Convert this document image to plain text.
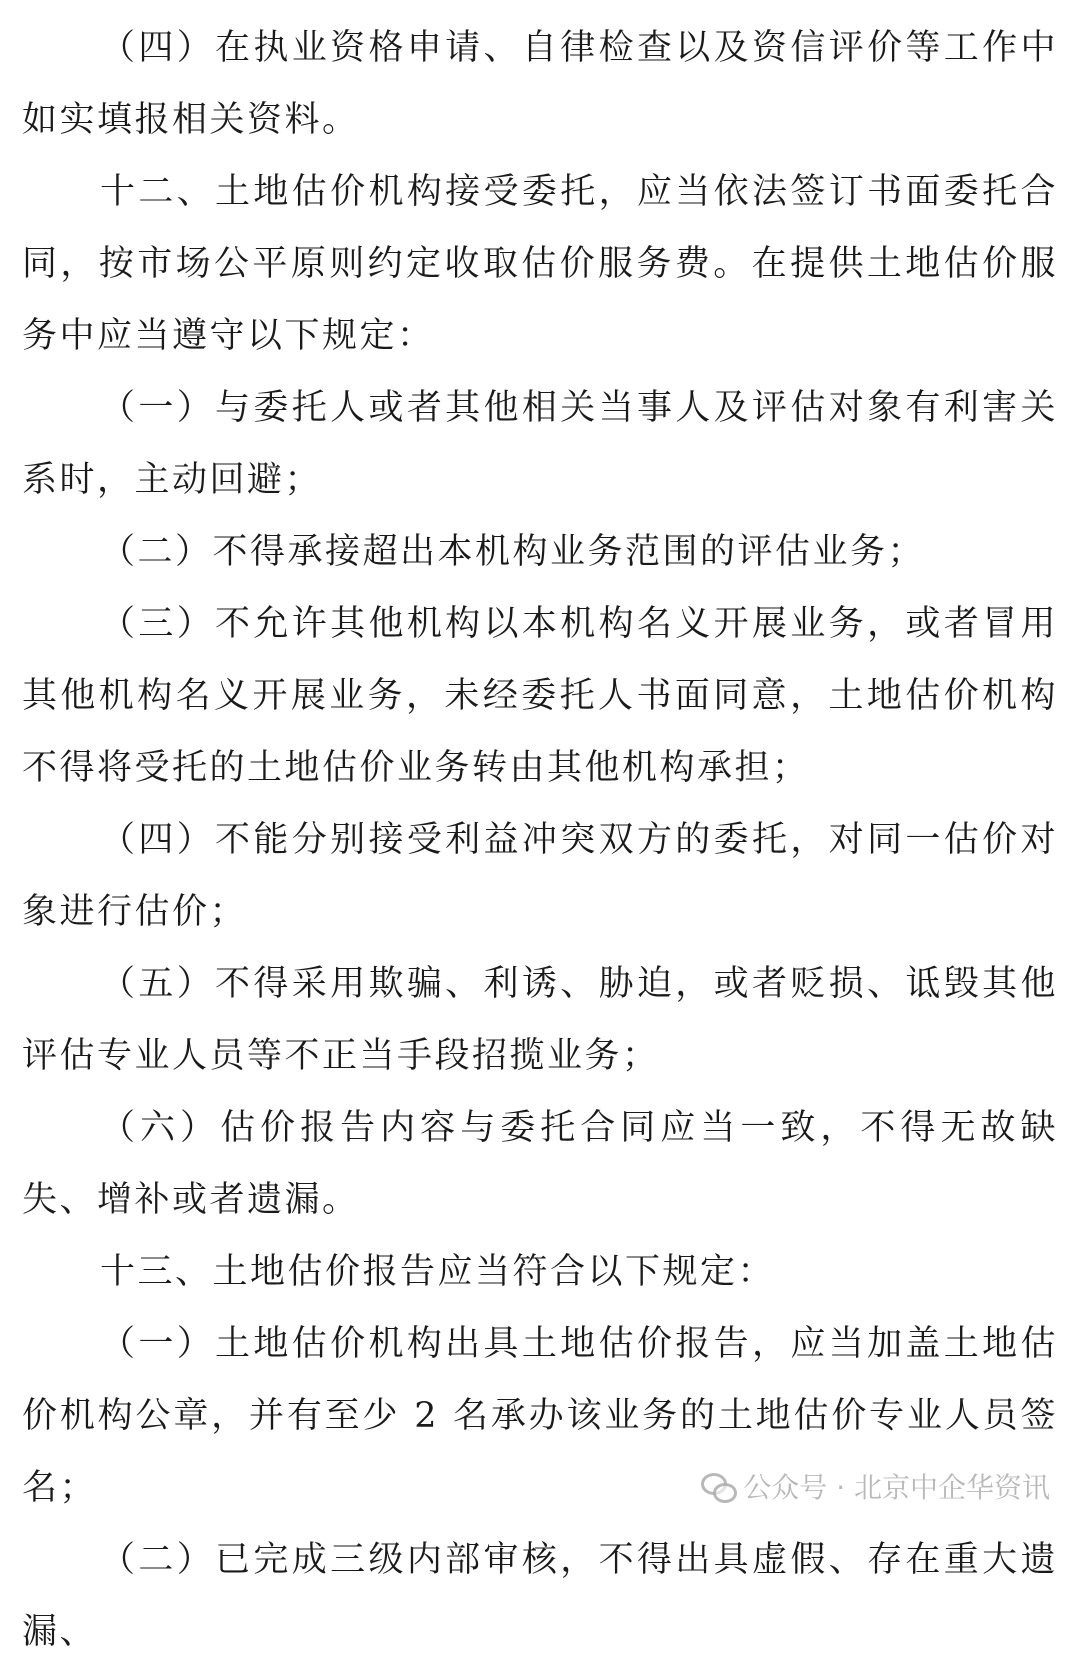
（四）在执业资格申请、自律检查以及资信评价等工作中如实填报相关资料。

十二、土地估价机构接受委托，应当依法签订书面委托合同，按市场公平原则约定收取估价服务费。在提供土地估价服务中应当遵守以下规定：

（一）与委托人或者其他相关当事人及评估对象有利害关系时，主动回避；

（二）不得承接超出本机构业务范围的评估业务；

（三）不允许其他机构以本机构名义开展业务，或者冒用其他机构名义开展业务，未经委托人书面同意，土地估价机构不得将受托的土地估价业务转由其他机构承担；

（四）不能分别接受利益冲突双方的委托，对同一估价对象进行估价；

（五）不得采用欺骗、利诱、胁迫，或者贬损、诋毁其他评估专业人员等不正当手段招揽业务；

（六）估价报告内容与委托合同应当一致，不得无故缺失、增补或者遗漏。

十三、土地估价报告应当符合以下规定：

（一）土地估价机构出具土地估价报告，应当加盖土地估价机构公章，并有至少 2 名承办该业务的土地估价专业人员签名；

（二）已完成三级内部审核，不得出具虚假、存在重大遗漏、

公众号 · 北京中企华资讯
